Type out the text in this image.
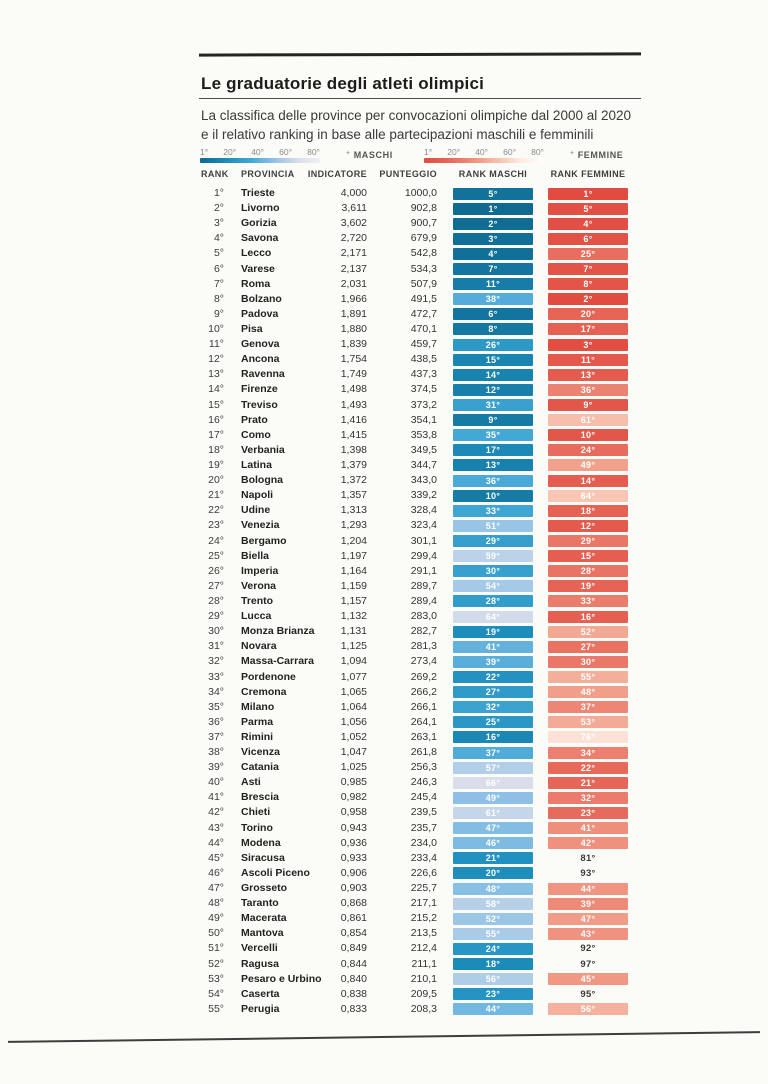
Le graduatorie degli atleti olimpici
La classifica delle province per convocazioni olimpiche dal 2000 al 2020
e il relativo ranking in base alle partecipazioni maschili e femminili
1° 20° 40° 60° 80°	+ MASCHI	1° 20° 40° 60° 80°	+ FEMMINE
RANK PROVINCIA	INDICATORE	PUNTEGGIO	RANK MASCHI	RANK FEMMINE
1° Trieste	4,000	1000,0	5°	1°
2° Livorno	3,611	902,8	1°	5°
3° Gorizia	3,602	900,7	2°	4°
4° Savona	2,720	679,9	3°	6°
5° Lecco	2,171	542,8	4°	25°
6° Varese	2,137	534,3	7°	7°
7° Roma	2,031	507,9	11°	8°
8° Bolzano	1,966	491,5	38°	2°
9° Padova	1,891	472,7	6°	20°
10° Pisa	1,880	470,1	8°	17°
11° Genova	1,839	459,7	26°	3°
12° Ancona	1,754	438,5	15°	11°
13° Ravenna	1,749	437,3	14°	13°
14° Firenze	1,498	374,5	12°	36°
15° Treviso	1,493	373,2	31°	9°
16° Prato	1,416	354,1	9°	61°
17° Como	1,415	353,8	35°	10°
18° Verbania	1,398	349,5	17°	24°
19° Latina	1,379	344,7	13°	49°
20° Bologna	1,372	343,0	36°	14°
21° Napoli	1,357	339,2	10°	64°
22° Udine	1,313	328,4	33°	18°
23° Venezia	1,293	323,4	51°	12°
24° Bergamo	1,204	301,1	29°	29°
25° Biella	1,197	299,4	59°	15°
26° Imperia	1,164	291,1	30°	28°
27° Verona	1,159	289,7	54°	19°
28° Trento	1,157	289,4	28°	33°
29° Lucca	1,132	283,0	64°	16°
30° Monza Brianza	1,131	282,7	19°	52°
31° Novara	1,125	281,3	41°	27°
32° Massa-Carrara	1,094	273,4	39°	30°
33° Pordenone	1,077	269,2	22°	55°
34° Cremona	1,065	266,2	27°	48°
35° Milano	1,064	266,1	32°	37°
36° Parma	1,056	264,1	25°	53°
37° Rimini	1,052	263,1	16°	76°
38° Vicenza	1,047	261,8	37°	34°
39° Catania	1,025	256,3	57°	22°
40° Asti	0,985	246,3	66°	21°
41° Brescia	0,982	245,4	49°	32°
42° Chieti	0,958	239,5	61°	23°
43° Torino	0,943	235,7	47°	41°
44° Modena	0,936	234,0	46°	42°
45° Siracusa	0,933	233,4	21°	81°
46° Ascoli Piceno	0,906	226,6	20°	93°
47° Grosseto	0,903	225,7	48°	44°
48° Taranto	0,868	217,1	58°	39°
49° Macerata	0,861	215,2	52°	47°
50° Mantova	0,854	213,5	55°	43°
51° Vercelli	0,849	212,4	24°	92°
52° Ragusa	0,844	211,1	18°	97°
53° Pesaro e Urbino	0,840	210,1	56°	45°
54° Caserta	0,838	209,5	23°	95°
55° Perugia	0,833	208,3	44°	56°
